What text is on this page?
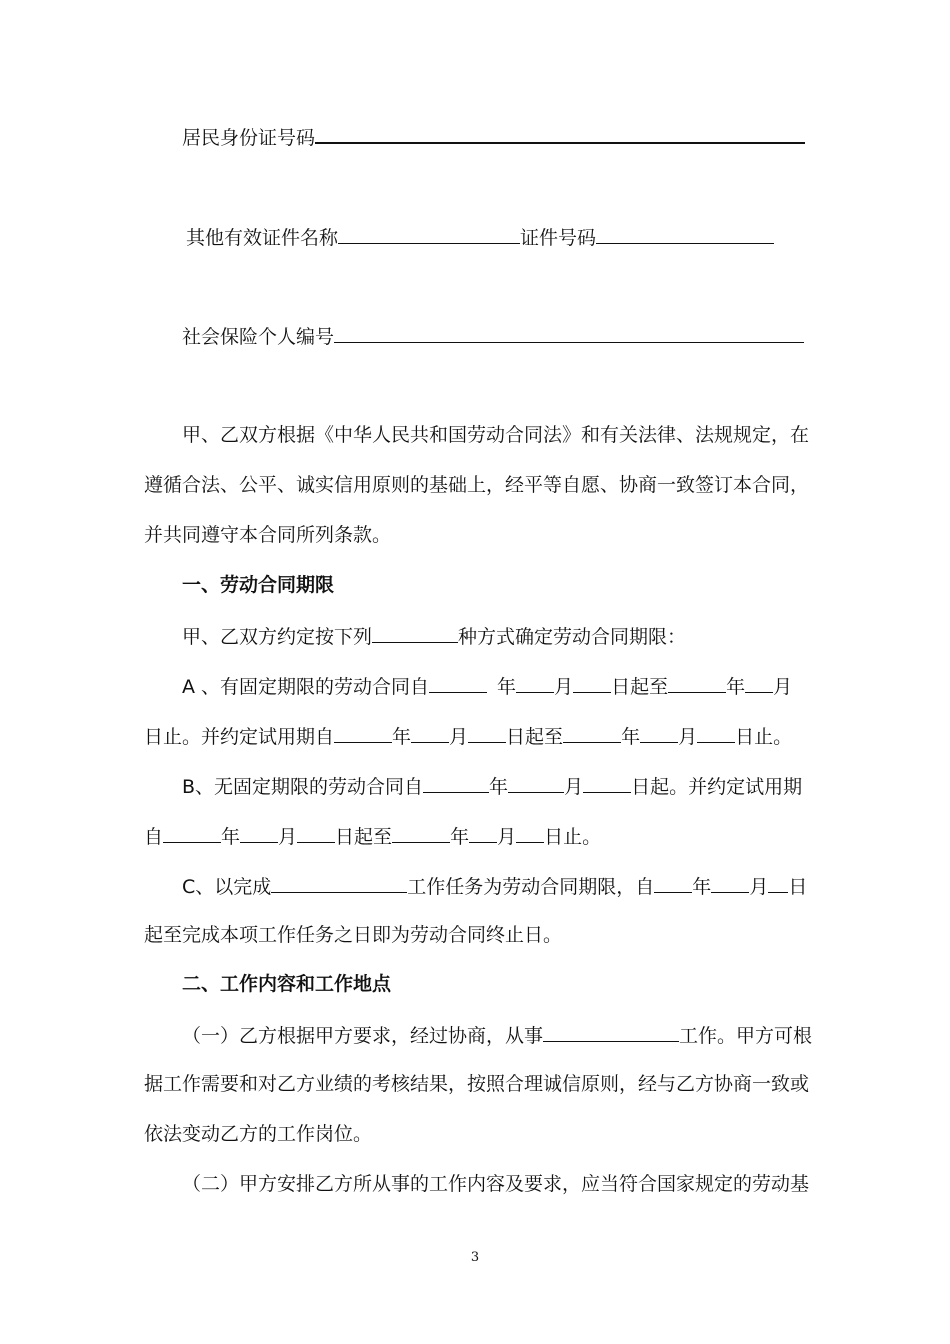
居民身份证号码
其他有效证件名称	证件号码
社会保险个人编号
甲、乙双方根据《中华人民共和国劳动合同法》和有关法律、法规规定，在
遵循合法、公平、诚实信用原则的基础上，经平等自愿、协商一致签订本合同，
并共同遵守本合同所列条款。
一、劳动合同期限
甲、乙双方约定按下列	种方式确定劳动合同期限：
A 、有固定期限的劳动合同自	年 月 日起至	年 月
日止。并约定试用期自	年 月 日起至	年 月 日止。
B、无固定期限的劳动合同自	年	月	日起。并约定试用期
自	年 月 日起至	年 月 日止。
C、以完成	工作任务为劳动合同期限，自 年 月 日
起至完成本项工作任务之日即为劳动合同终止日。
二、工作内容和工作地点
（一）乙方根据甲方要求，经过协商，从事	工作。甲方可根
据工作需要和对乙方业绩的考核结果，按照合理诚信原则，经与乙方协商一致或
依法变动乙方的工作岗位。
（二）甲方安排乙方所从事的工作内容及要求，应当符合国家规定的劳动基
3
